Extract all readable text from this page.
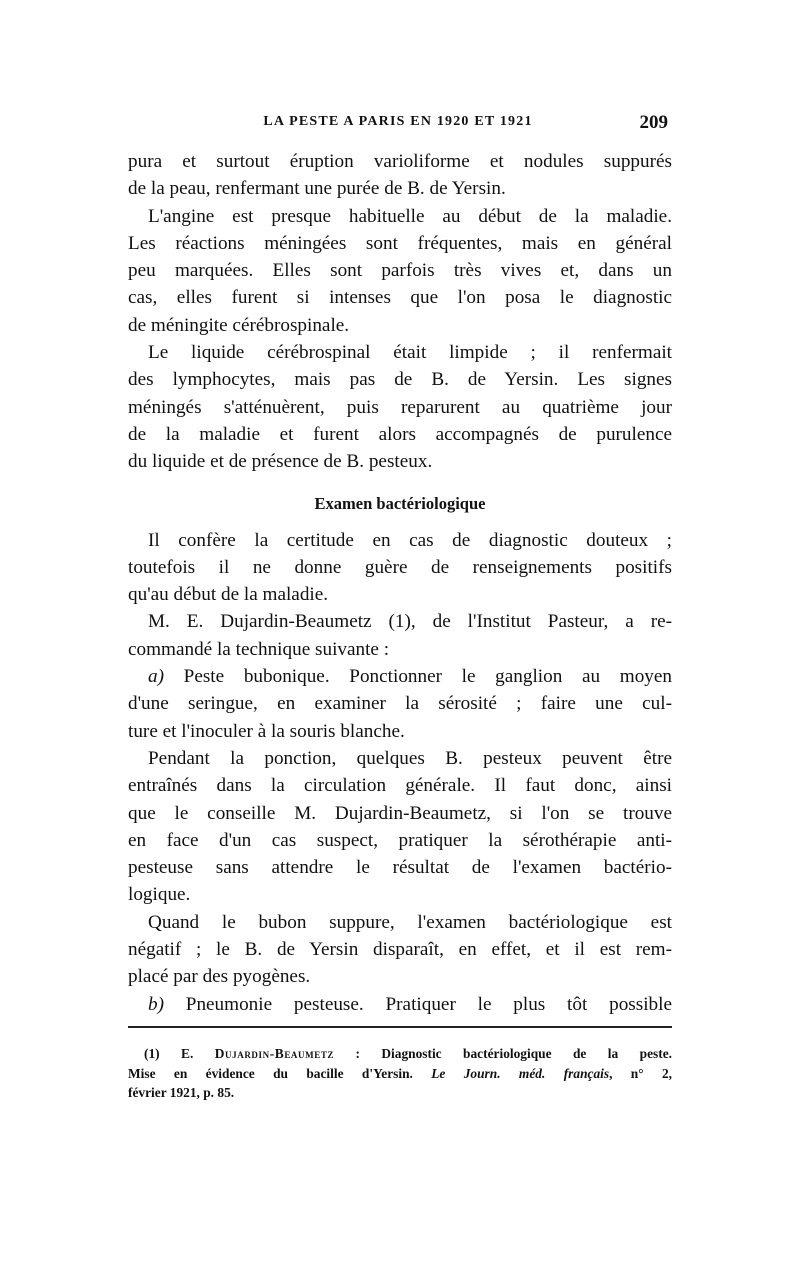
LA PESTE A PARIS EN 1920 ET 1921	209
pura et surtout éruption varioliforme et nodules suppurés
de la peau, renfermant une purée de B. de Yersin.
L'angine est presque habituelle au début de la maladie.
Les réactions méningées sont fréquentes, mais en général
peu marquées. Elles sont parfois très vives et, dans un
cas, elles furent si intenses que l'on posa le diagnostic
de méningite cérébrospinale.
Le liquide cérébrospinal était limpide ; il renfermait
des lymphocytes, mais pas de B. de Yersin. Les signes
méningés s'atténuèrent, puis reparurent au quatrième jour
de la maladie et furent alors accompagnés de purulence
du liquide et de présence de B. pesteux.
Examen bactériologique
Il confère la certitude en cas de diagnostic douteux ;
toutefois il ne donne guère de renseignements positifs
qu'au début de la maladie.
M. E. Dujardin-Beaumetz (1), de l'Institut Pasteur, a re-
commandé la technique suivante :
a) Peste bubonique. Ponctionner le ganglion au moyen
d'une seringue, en examiner la sérosité ; faire une cul-
ture et l'inoculer à la souris blanche.
Pendant la ponction, quelques B. pesteux peuvent être
entraînés dans la circulation générale. Il faut donc, ainsi
que le conseille M. Dujardin-Beaumetz, si l'on se trouve
en face d'un cas suspect, pratiquer la sérothérapie anti-
pesteuse sans attendre le résultat de l'examen bactério-
logique.
Quand le bubon suppure, l'examen bactériologique est
négatif ; le B. de Yersin disparaît, en effet, et il est rem-
placé par des pyogènes.
b) Pneumonie pesteuse. Pratiquer le plus tôt possible
(1) E. Dujardin-Beaumetz : Diagnostic bactériologique de la peste.
Mise en évidence du bacille d'Yersin. Le Journ. méd. français, n° 2,
février 1921, p. 85.
